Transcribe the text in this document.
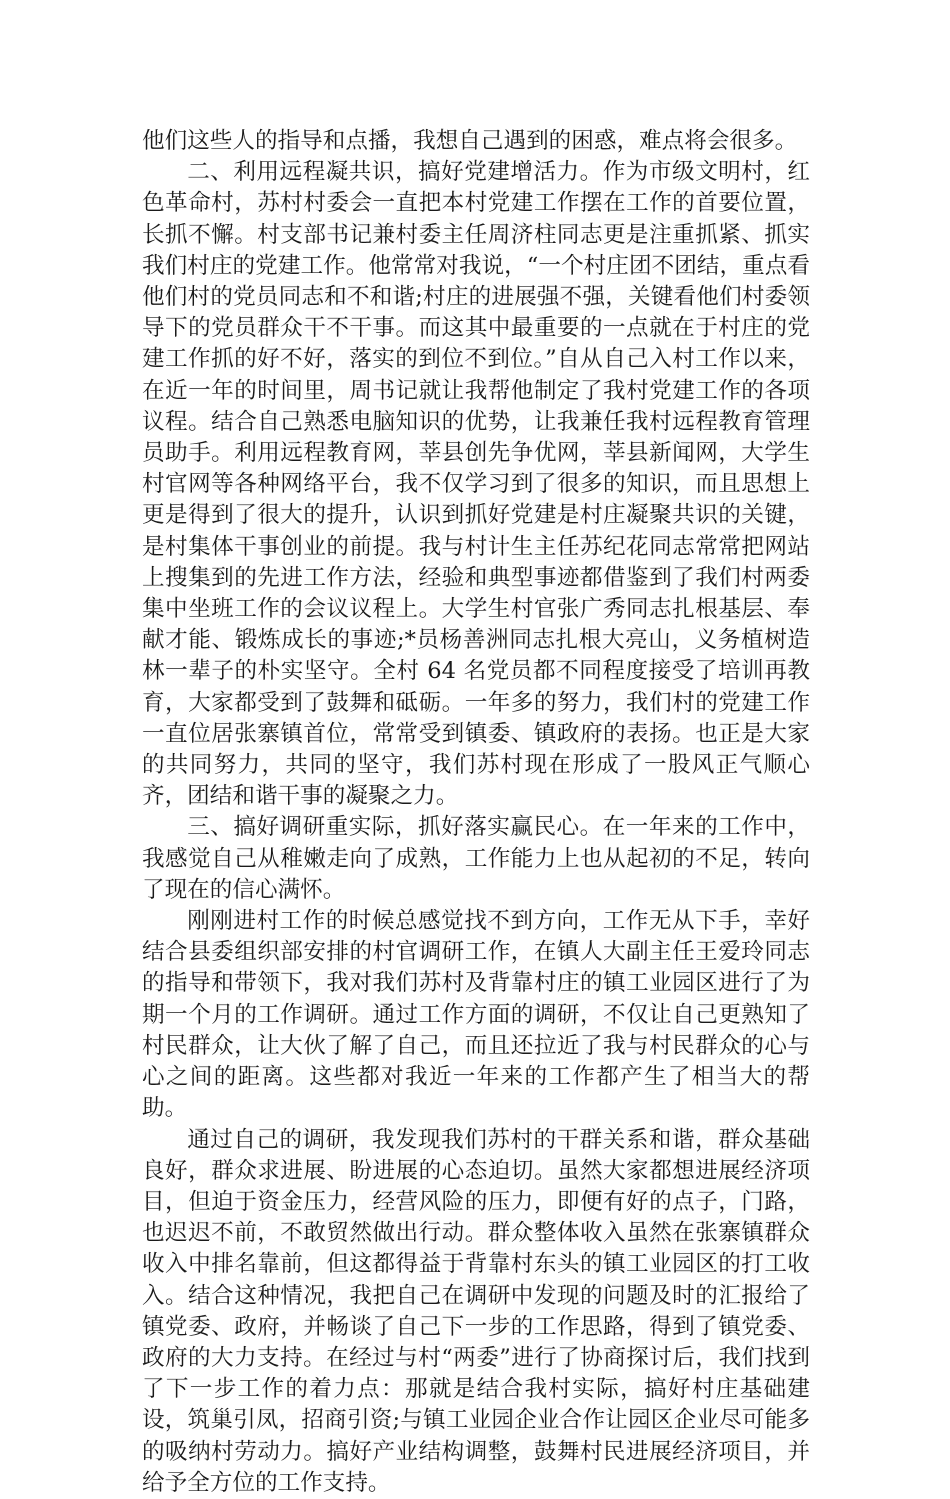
他们这些人的指导和点播，我想自己遇到的困惑，难点将会很多。

二、利用远程凝共识，搞好党建增活力。作为市级文明村，红色革命村，苏村村委会一直把本村党建工作摆在工作的首要位置，长抓不懈。村支部书记兼村委主任周济柱同志更是注重抓紧、抓实我们村庄的党建工作。他常常对我说，“一个村庄团不团结，重点看他们村的党员同志和不和谐;村庄的进展强不强，关键看他们村委领导下的党员群众干不干事。而这其中最重要的一点就在于村庄的党建工作抓的好不好，落实的到位不到位。”自从自己入村工作以来，在近一年的时间里，周书记就让我帮他制定了我村党建工作的各项议程。结合自己熟悉电脑知识的优势，让我兼任我村远程教育管理员助手。利用远程教育网，莘县创先争优网，莘县新闻网，大学生村官网等各种网络平台，我不仅学习到了很多的知识，而且思想上更是得到了很大的提升，认识到抓好党建是村庄凝聚共识的关键，是村集体干事创业的前提。我与村计生主任苏纪花同志常常把网站上搜集到的先进工作方法，经验和典型事迹都借鉴到了我们村两委集中坐班工作的会议议程上。大学生村官张广秀同志扎根基层、奉献才能、锻炼成长的事迹;*员杨善洲同志扎根大亮山，义务植树造林一辈子的朴实坚守。全村 64 名党员都不同程度接受了培训再教育，大家都受到了鼓舞和砥砺。一年多的努力，我们村的党建工作一直位居张寨镇首位，常常受到镇委、镇政府的表扬。也正是大家的共同努力，共同的坚守，我们苏村现在形成了一股风正气顺心齐，团结和谐干事的凝聚之力。

三、搞好调研重实际，抓好落实赢民心。在一年来的工作中，我感觉自己从稚嫩走向了成熟，工作能力上也从起初的不足，转向了现在的信心满怀。

刚刚进村工作的时候总感觉找不到方向，工作无从下手，幸好结合县委组织部安排的村官调研工作，在镇人大副主任王爱玲同志的指导和带领下，我对我们苏村及背靠村庄的镇工业园区进行了为期一个月的工作调研。通过工作方面的调研，不仅让自己更熟知了村民群众，让大伙了解了自己，而且还拉近了我与村民群众的心与心之间的距离。这些都对我近一年来的工作都产生了相当大的帮助。

通过自己的调研，我发现我们苏村的干群关系和谐，群众基础良好，群众求进展、盼进展的心态迫切。虽然大家都想进展经济项目，但迫于资金压力，经营风险的压力，即便有好的点子，门路，也迟迟不前，不敢贸然做出行动。群众整体收入虽然在张寨镇群众收入中排名靠前，但这都得益于背靠村东头的镇工业园区的打工收入。结合这种情况，我把自己在调研中发现的问题及时的汇报给了镇党委、政府，并畅谈了自己下一步的工作思路，得到了镇党委、政府的大力支持。在经过与村“两委”进行了协商探讨后，我们找到了下一步工作的着力点：那就是结合我村实际，搞好村庄基础建设，筑巢引凤，招商引资;与镇工业园企业合作让园区企业尽可能多的吸纳村劳动力。搞好产业结构调整，鼓舞村民进展经济项目，并给予全方位的工作支持。
